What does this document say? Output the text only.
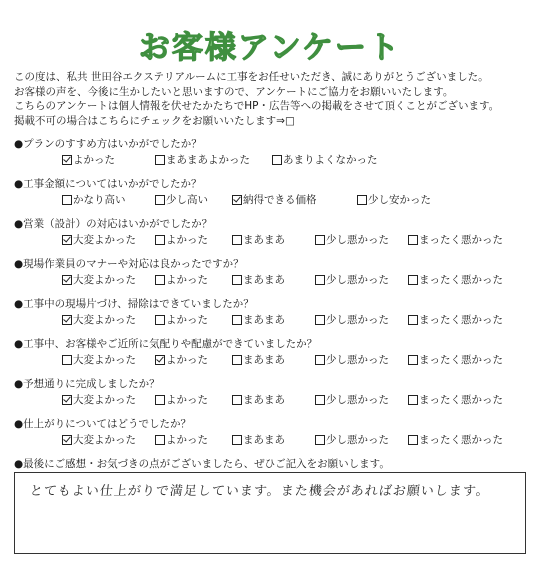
お客様アンケート
この度は、私共 世田谷エクステリアルームに工事をお任せいただき、誠にありがとうございました。
お客様の声を、今後に生かしたいと思いますので、アンケートにご協力をお願いいたします。
こちらのアンケートは個人情報を伏せたかたちでHP・広告等への掲載をさせて頂くことがございます。
掲載不可の場合はこちらにチェックをお願いいたします⇒□
●プランのすすめ方はいかがでしたか？
よかった	まあまあよかった	あまりよくなかった
●工事金額についてはいかがでしたか？
かなり高い	少し高い	納得できる価格	少し安かった
●営業（設計）の対応はいかがでしたか？
大変よかった	よかった	まあまあ	少し悪かった	まったく悪かった
●現場作業員のマナーや対応は良かったですか？
大変よかった	よかった	まあまあ	少し悪かった	まったく悪かった
●工事中の現場片づけ、掃除はできていましたか？
大変よかった	よかった	まあまあ	少し悪かった	まったく悪かった
●工事中、お客様やご近所に気配りや配慮ができていましたか？
大変よかった	よかった	まあまあ	少し悪かった	まったく悪かった
●予想通りに完成しましたか？
大変よかった	よかった	まあまあ	少し悪かった	まったく悪かった
●仕上がりについてはどうでしたか？
大変よかった	よかった	まあまあ	少し悪かった	まったく悪かった
●最後にご感想・お気づきの点がございましたら、ぜひご記入をお願いします。
とてもよい仕上がりで満足しています。また機会があればお願いします。
